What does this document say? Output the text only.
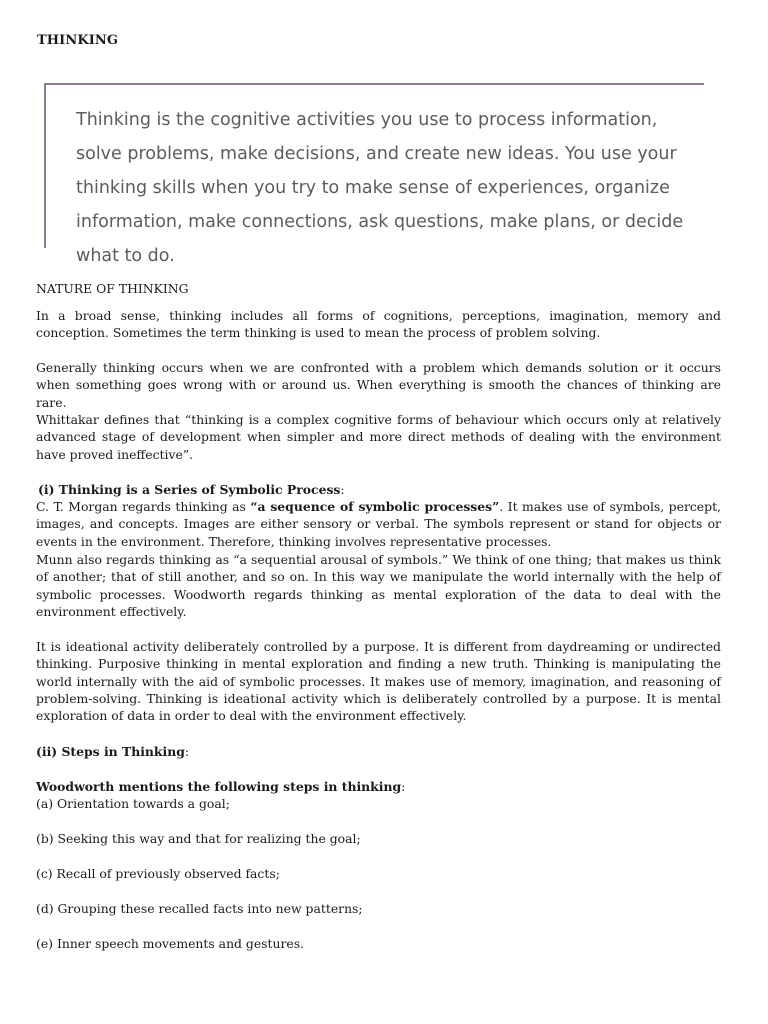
THINKING
Thinking is the cognitive activities you use to process information, solve problems, make decisions, and create new ideas. You use your thinking skills when you try to make sense of experiences, organize information, make connections, ask questions, make plans, or decide what to do.
NATURE OF THINKING
In a broad sense, thinking includes all forms of cognitions, perceptions, imagination, memory and conception. Sometimes the term thinking is used to mean the process of problem solving.
Generally thinking occurs when we are confronted with a problem which demands solution or it occurs when something goes wrong with or around us. When everything is smooth the chances of thinking are rare.
Whittakar defines that “thinking is a complex cognitive forms of behaviour which occurs only at relatively advanced stage of development when simpler and more direct methods of dealing with the environment have proved ineffective”.
(i) Thinking is a Series of Symbolic Process:
C. T. Morgan regards thinking as “a sequence of symbolic processes”. It makes use of symbols, percept, images, and concepts. Images are either sensory or verbal. The symbols represent or stand for objects or events in the environment. Therefore, thinking involves representative processes.
Munn also regards thinking as “a sequential arousal of symbols.” We think of one thing; that makes us think of another; that of still another, and so on. In this way we manipulate the world internally with the help of symbolic processes. Woodworth regards thinking as mental exploration of the data to deal with the environment effectively.
It is ideational activity deliberately controlled by a purpose. It is different from daydreaming or undirected thinking. Purposive thinking in mental exploration and finding a new truth. Thinking is manipulating the world internally with the aid of symbolic processes. It makes use of memory, imagination, and reasoning of problem-solving. Thinking is ideational activity which is deliberately controlled by a purpose. It is mental exploration of data in order to deal with the environment effectively.
(ii) Steps in Thinking:
Woodworth mentions the following steps in thinking:
(a) Orientation towards a goal;
(b) Seeking this way and that for realizing the goal;
(c) Recall of previously observed facts;
(d) Grouping these recalled facts into new patterns;
(e) Inner speech movements and gestures.
